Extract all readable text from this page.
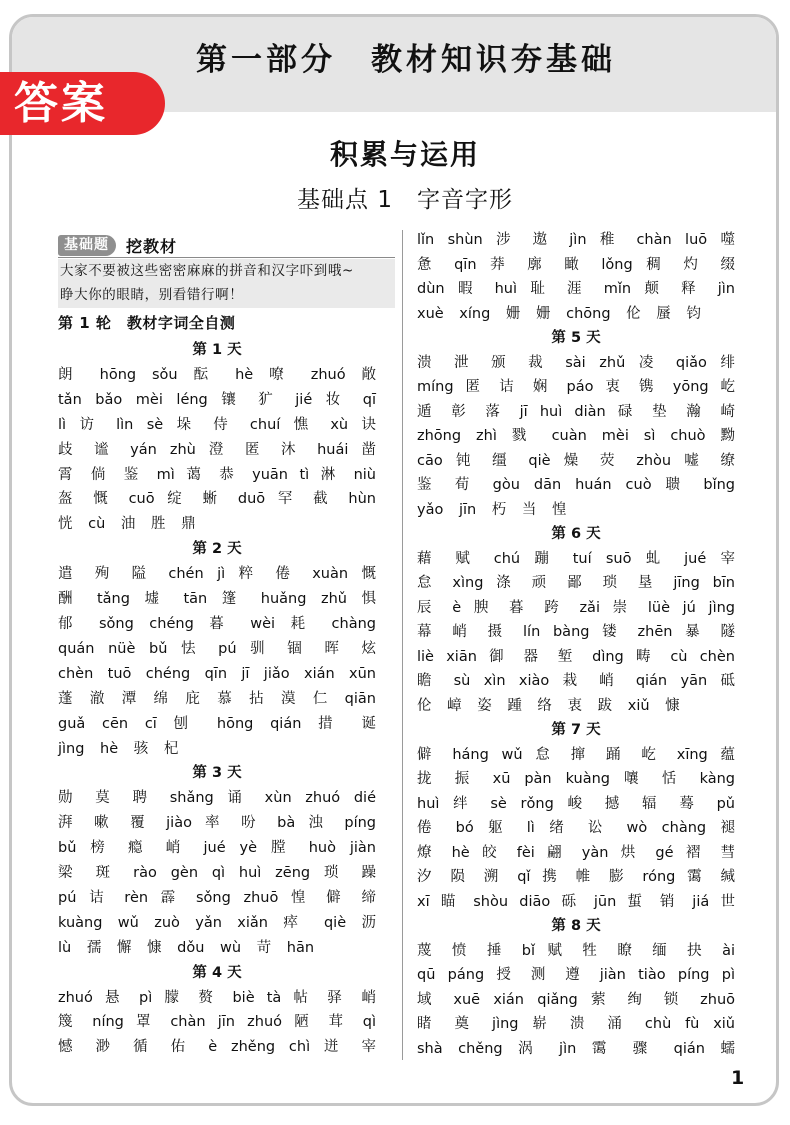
第一部分　教材知识夯基础
答案
积累与运用
基础点 1　字音字形
基础题	挖教材
大家不要被这些密密麻麻的拼音和汉字吓到哦~
睁大你的眼睛，别看错行啊！
第 1 轮　教材字词全自测
第 1 天
朗 hōng sǒu 酝 hè 嘹 zhuó 敞
tǎn bǎo mèi léng 镶 犷 jié 妆 qī
lì 访 lìn sè 垛 侍 chuí 憔 xù 诀
歧 谧 yán zhù 澄 匿 沐 huái 凿
霄 倘 鉴 mì 蔼 恭 yuān tì 淋 niù
盔 慨 cuō 绽 蜥 duō 罕 截 hùn
恍 cù 油 胜 鼎
第 2 天
遣 殉 隘 chén jì 粹 倦 xuàn 慨
酬 tǎng 墟 tān 篷 huǎng zhǔ 惧
郁 sǒng chéng 暮 wèi 耗 chàng
quán nüè bǔ 怯 pú 驯 锢 晖 炫
chèn tuō chéng qīn jī jiǎo xián xūn
蓬 澈 潭 绵 庇 慕 拈 漠 仁 qiān
guǎ cēn cī 刨 hōng qián 措 诞
jìng hè 骇 杞
第 3 天
勋 莫 聘 shǎng 诵 xùn zhuó dié
湃 嗽 覆 jiào 率 吩 bà 浊 píng
bǔ 榜 瘾 峭 jué yè 膛 huò jiàn
梁 斑 rào gèn qì huì zēng 琐 躁
pú 诘 rèn 霹 sǒng zhuō 惶 僻 缔
kuàng wǔ zuò yǎn xiǎn 瘁 qiè 沥
lù 孺 懈 慷 dǒu wù 苛 hān
第 4 天
zhuó 悬 pì 朦 赘 biè tà 帖 驿 峭
篾 níng 罩 chàn jīn zhuó 陋 茸 qì
憾 渺 循 佑 è zhěng chì 迸 宰
lǐn shùn 涉 遨 jìn 稚 chàn luō 噬
惫 qīn 莽 廓 瞰 lǒng 稠 灼 缀
dùn 暇 huì 耻 涯 mǐn 颠 释 jìn
xuè xíng 姗 姗 chōng 伦 蜃 钧
第 5 天
溃 泄 颁 裁 sài zhǔ 凌 qiǎo 绯
míng 匿 诘 娴 páo 衷 镌 yōng 屹
遁 彰 落 jī huì diàn 碌 垫 瀚 崎
zhōng zhì 戮 cuàn mèi sì chuò 黝
cāo 钝 缰 qiè 燥 荧 zhòu 嘘 缭
鉴 荀 gòu dān huán cuò 聩 bǐng
yǎo jīn 朽 当 惶
第 6 天
藉 赋 chú 蹦 tuí suō 虬 jué 宰
怠 xìng 涤 顽 鄙 琐 垦 jīng bīn
辰 è 腴 暮 跨 zǎi 崇 lüè jú jìng
幕 峭 摄 lín bàng 镂 zhēn 暴 隧
liè xiān 御 器 堑 dìng 畴 cù chèn
瞻 sù xìn xiào 栽 峭 qián yān 砥
伦 嶂 姿 踵 络 衷 跋 xiǔ 慷
第 7 天
僻 háng wǔ 怠 撺 踊 屹 xīng 蕴
拢 振 xū pàn kuàng 嚷 恬 kàng
huì 绊 sè rǒng 峻 撼 辐 蓦 pǔ
倦 bó 躯 lì 绪 讼 wò chàng 褪
燎 hè 皎 fèi 翩 yàn 烘 gé 褶 彗
汐 陨 溯 qǐ 携 帷 膨 róng 霭 缄
xī 瞄 shòu diāo 砾 jūn 蜇 销 jiá 世
第 8 天
蔑 愤 捶 bǐ 赋 牲 瞭 缅 抉 ài
qū páng 授 测 遵 jiàn tiào píng pì
域 xuē xián qiǎng 萦 绚 锁 zhuō
睹 奠 jìng 崭 溃 涌 chù fù xiǔ
shà chěng 涡 jìn 霭 骤 qián 蠕
1
